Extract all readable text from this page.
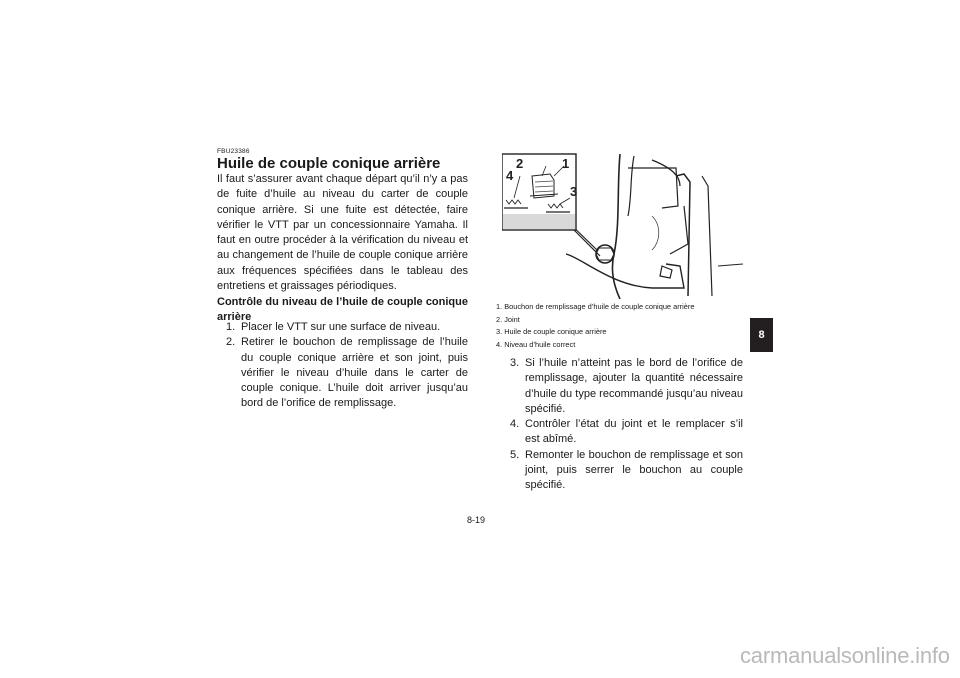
FBU23386
Huile de couple conique arrière

Il faut s’assurer avant chaque départ qu’il n’y a pas de fuite d’huile au niveau du carter de couple conique arrière. Si une fuite est détectée, faire vérifier le VTT par un concessionnaire Yamaha. Il faut en outre procéder à la vérification du niveau et au changement de l’huile de couple conique arrière aux fréquences spécifiées dans le tableau des entretiens et graissages périodiques.

Contrôle du niveau de l’huile de couple conique arrière

1. Placer le VTT sur une surface de niveau.
2. Retirer le bouchon de remplissage de l’huile du couple conique arrière et son joint, puis vérifier le niveau d’huile dans le carter de couple conique. L’huile doit arriver jusqu’au bord de l’orifice de remplissage.
2	1
4
3
1. Bouchon de remplissage d’huile de couple conique arrière
2. Joint
3. Huile de couple conique arrière
4. Niveau d’huile correct
3. Si l’huile n’atteint pas le bord de l’orifice de remplissage, ajouter la quantité nécessaire d’huile du type recommandé jusqu’au niveau spécifié.
4. Contrôler l’état du joint et le remplacer s’il est abîmé.
5. Remonter le bouchon de remplissage et son joint, puis serrer le bouchon au couple spécifié.
8
8-19
carmanualsonline.info
